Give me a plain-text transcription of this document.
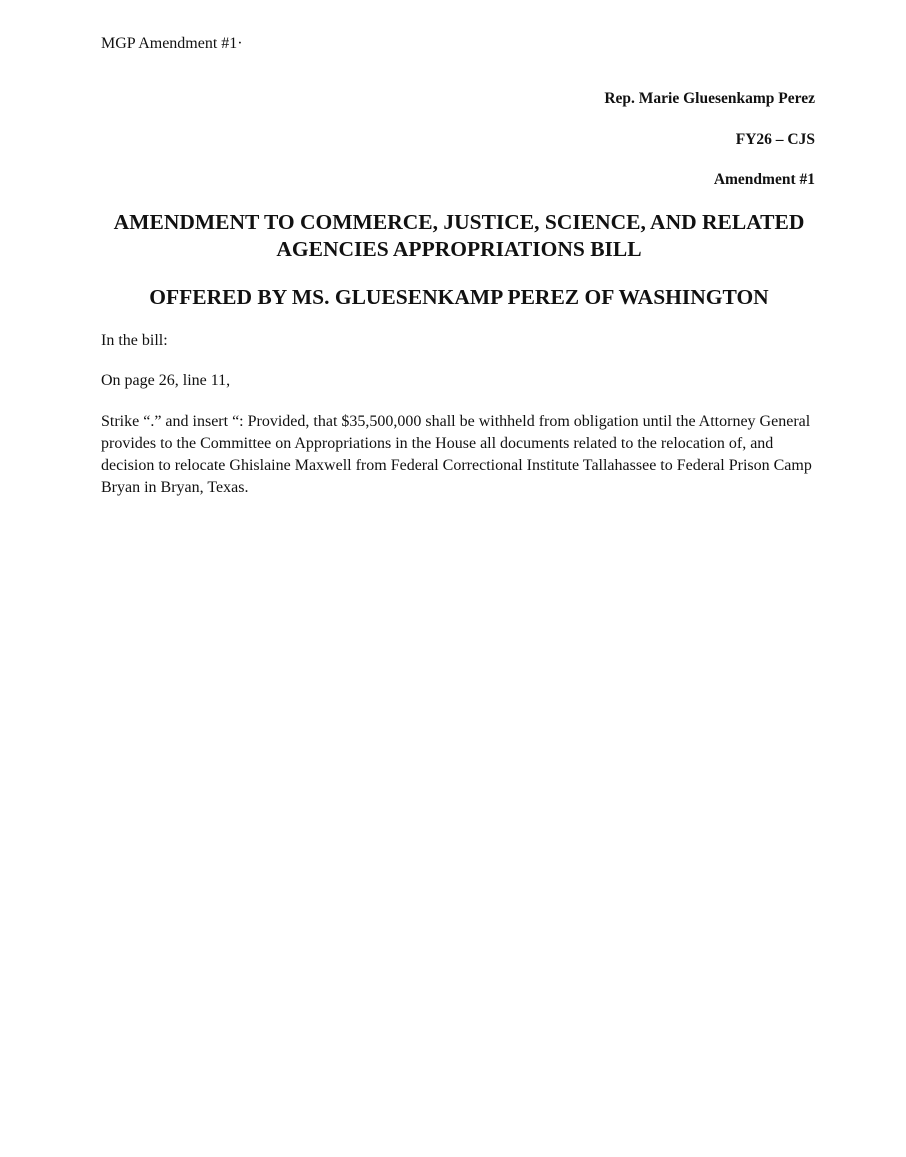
MGP Amendment #1·
Rep. Marie Gluesenkamp Perez
FY26 – CJS
Amendment #1
AMENDMENT TO COMMERCE, JUSTICE, SCIENCE, AND RELATED AGENCIES APPROPRIATIONS BILL
OFFERED BY MS. GLUESENKAMP PEREZ OF WASHINGTON
In the bill:
On page 26, line 11,
Strike “.” and insert “: Provided, that $35,500,000 shall be withheld from obligation until the Attorney General provides to the Committee on Appropriations in the House all documents related to the relocation of, and decision to relocate Ghislaine Maxwell from Federal Correctional Institute Tallahassee to Federal Prison Camp Bryan in Bryan, Texas.
